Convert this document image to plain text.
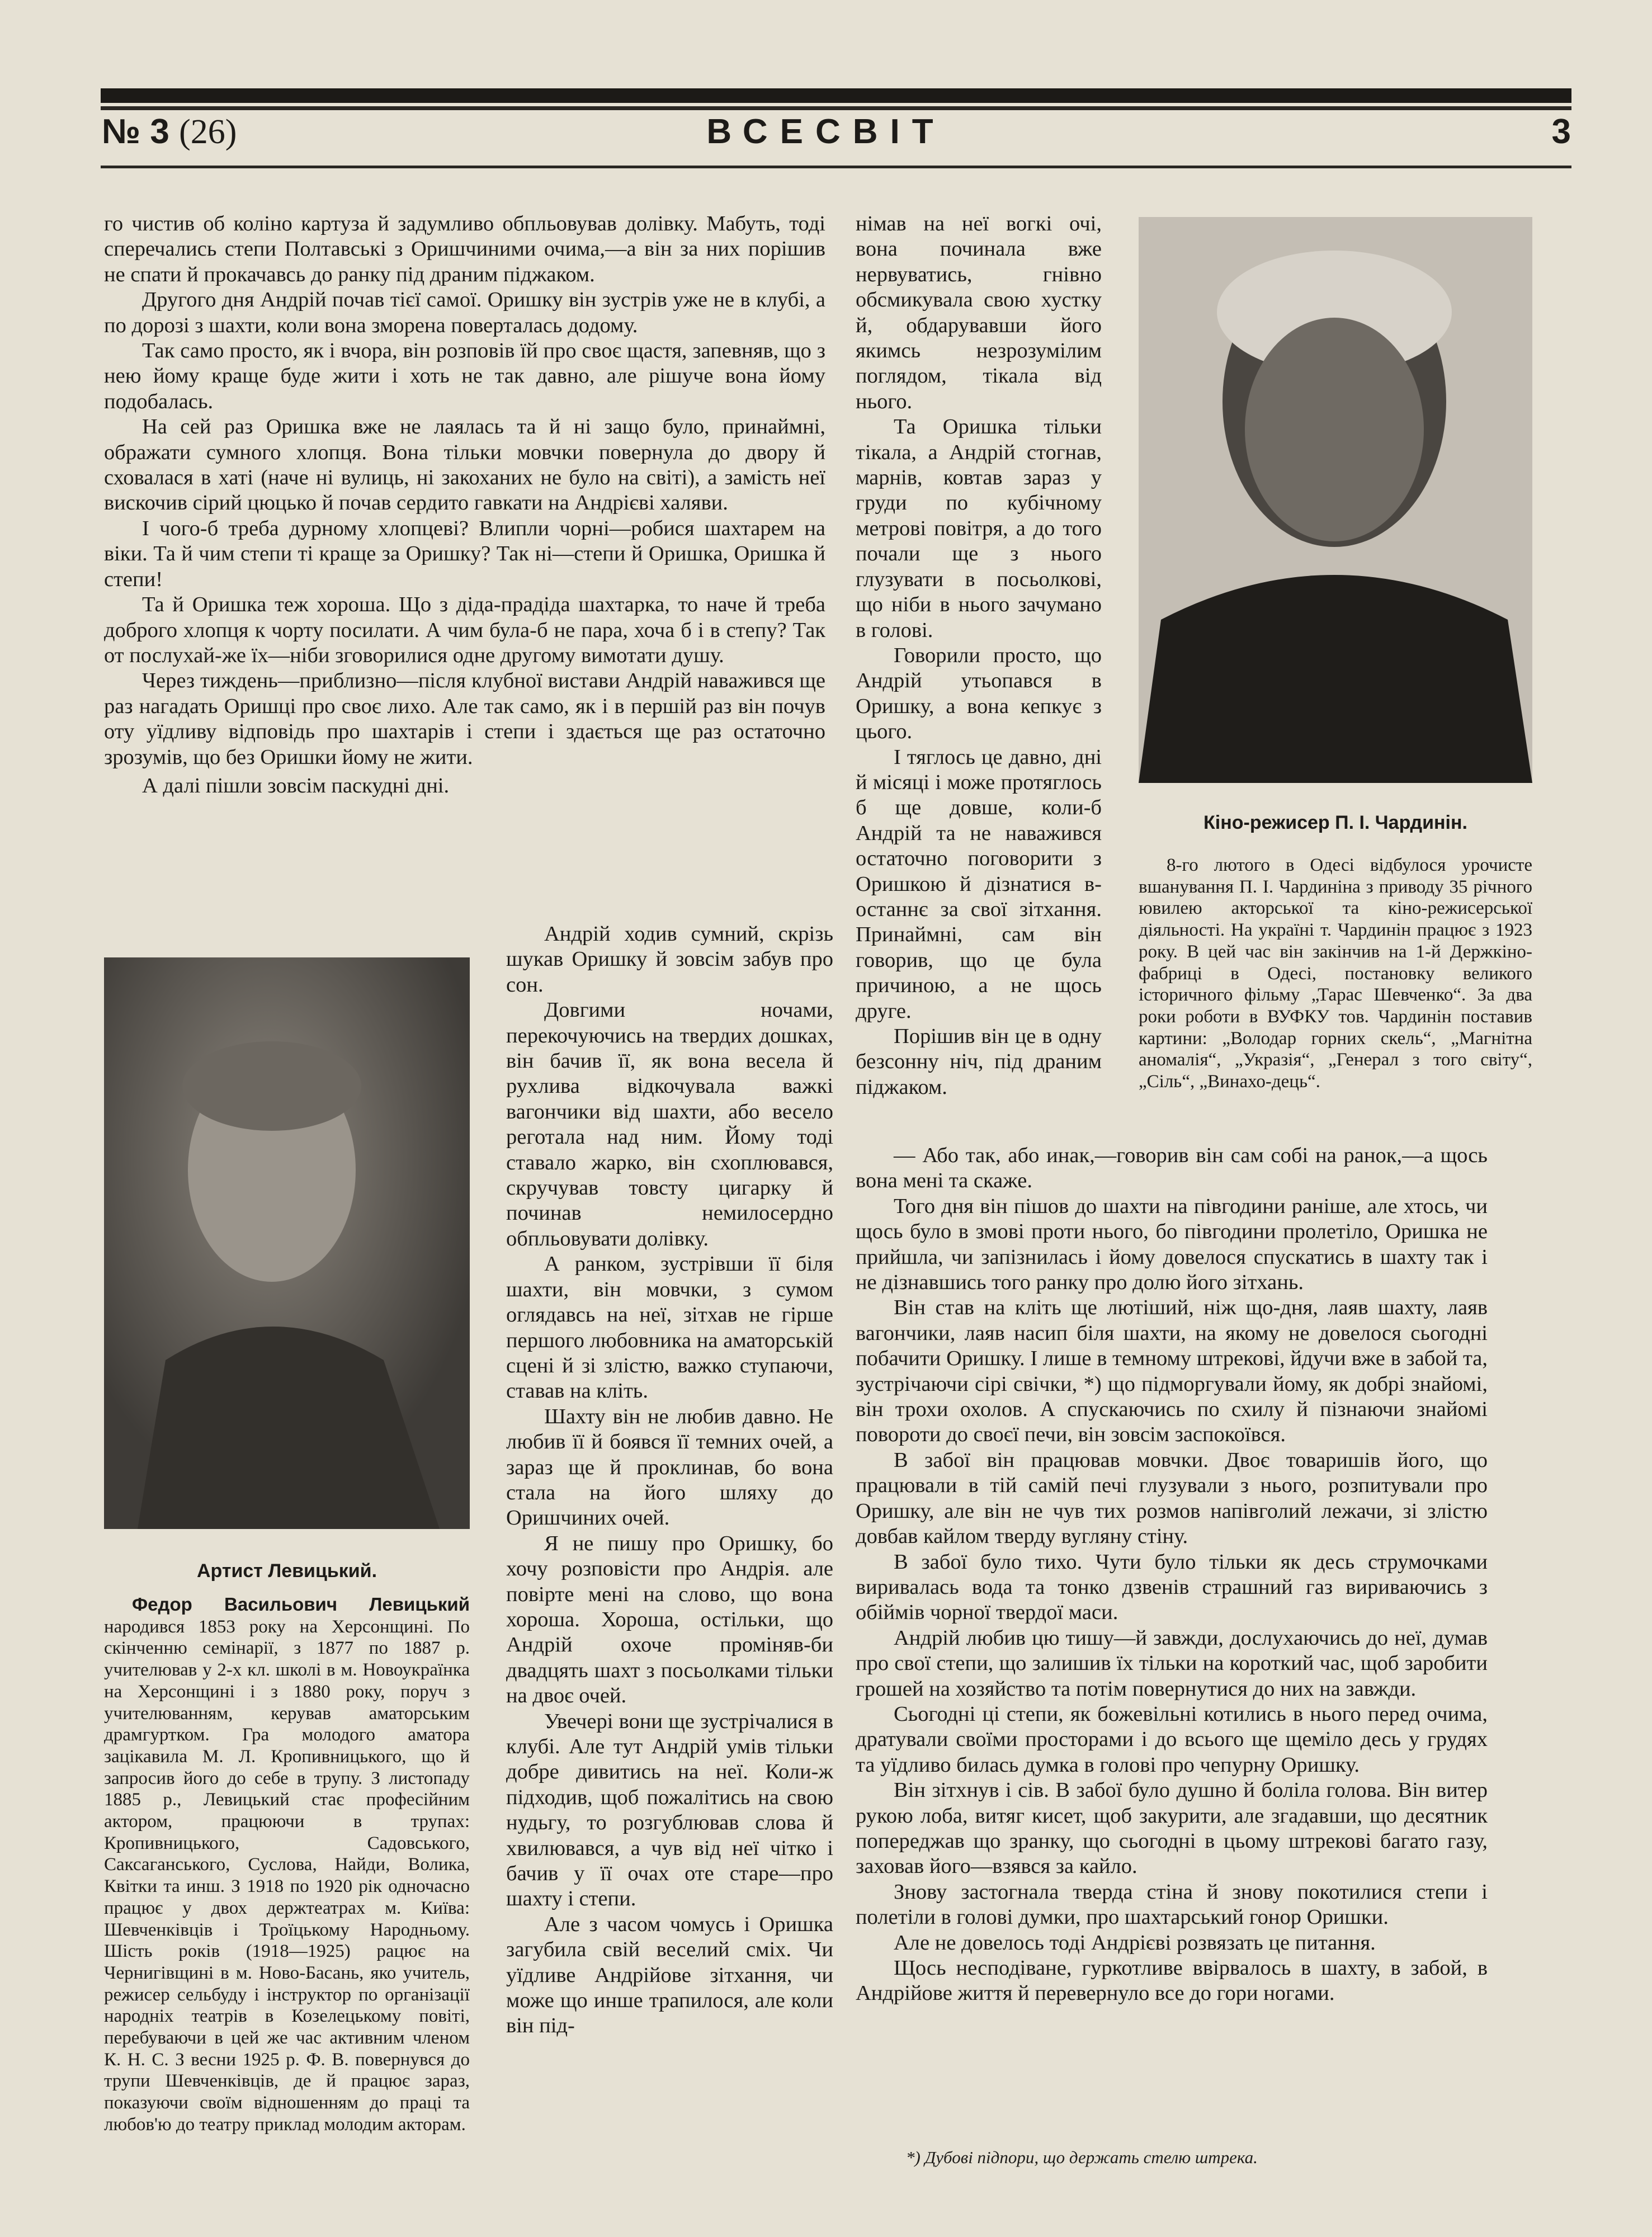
№ 3 (26)	ВСЕСВІТ	3

го чистив об коліно картуза й задумливо обпльовував долівку. Мабуть, тоді сперечались степи Полтавські з Оришчиними очима,—а він за них порішив не спати й прокачавсь до ранку під драним піджаком.

Другого дня Андрій почав тієї самої. Оришку він зустрів уже не в клубі, а по дорозі з шахти, коли вона зморена поверталась додому.

Так само просто, як і вчора, він розповів їй про своє щастя, запевняв, що з нею йому краще буде жити і хоть не так давно, але рішуче вона йому подобалась.

На сей раз Оришка вже не лаялась та й ні защо було, принаймні, ображати сумного хлопця. Вона тільки мовчки повернула до двору й сховалася в хаті (наче ні вулиць, ні закоханих не було на світі), а замість неї вискочив сірий цюцько й почав сердито гавкати на Андрієві халяви.

І чого-б треба дурному хлопцеві? Влипли чорні—робися шахтарем на віки. Та й чим степи ті краще за Оришку? Так ні—степи й Оришка, Оришка й степи!

Та й Оришка теж хороша. Що з діда-прадіда шахтарка, то наче й треба доброго хлопця к чорту посилати. А чим була-б не пара, хоча б і в степу? Так от послухай-же їх—ніби зговорилися одне другому вимотати душу.

Через тиждень—приблизно—після клубної вистави Андрій наважився ще раз нагадать Оришці про своє лихо. Але так само, як і в першій раз він почув оту уїдливу відповідь про шахтарів і степи і здається ще раз остаточно зрозумів, що без Оришки йому не жити.

А далі пішли зовсім паскудні дні.

Артист Левицький.

Федор Васильович Левицький народився 1853 року на Херсонщині. По скінченню семінарії, з 1877 по 1887 р. учителював у 2-х кл. школі в м. Новоукраїнка на Херсонщині і з 1880 року, поруч з учителюванням, керував аматорським драмгуртком. Гра молодого аматора зацікавила М. Л. Кропивницького, що й запросив його до себе в трупу. З листопаду 1885 р., Левицький стає професійним актором, працюючи в трупах: Кропивницького, Садовського, Саксаганського, Суслова, Найди, Волика, Квітки та инш. З 1918 по 1920 рік одночасно працює у двох держтеатрах м. Київа: Шевченківців і Троїцькому Народньому. Шість років (1918—1925) рацює на Чернигівщині в м. Ново-Басань, яко учитель, режисер сельбуду і інструктор по організації народніх театрів в Козелецькому повіті, перебуваючи в цей же час активним членом К. Н. С. З весни 1925 р. Ф. В. повернувся до трупи Шевченківців, де й працює зараз, показуючи своїм відношенням до праці та любов'ю до театру приклад молодим акторам.

Андрій ходив сумний, скрізь шукав Оришку й зовсім забув про сон.

Довгими ночами, перекочуючись на твердих дошках, він бачив її, як вона весела й рухлива відкочувала важкі вагончики від шахти, або весело реготала над ним. Йому тоді ставало жарко, він схоплювався, скручував товсту цигарку й починав немилосердно обпльовувати долівку.

А ранком, зустрівши її біля шахти, він мовчки, з сумом оглядавсь на неї, зітхав не гірше першого любовника на аматорській сцені й зі злістю, важко ступаючи, ставав на кліть.

Шахту він не любив давно. Не любив її й боявся її темних очей, а зараз ще й проклинав, бо вона стала на його шляху до Оришчиних очей.

Я не пишу про Оришку, бо хочу розповісти про Андрія. але повірте мені на слово, що вона хороша. Хороша, остільки, що Андрій охоче проміняв-би двадцять шахт з посьолками тільки на двоє очей.

Увечері вони ще зустрічалися в клубі. Але тут Андрій умів тільки добре дивитись на неї. Коли-ж підходив, щоб пожалітись на свою нудьгу, то розгублював слова й хвилювався, а чув від неї чітко і бачив у її очах оте старе—про шахту і степи.

Але з часом чомусь і Оришка загубила свій веселий сміх. Чи уїдливе Андрійове зітхання, чи може що инше трапилося, але коли він під-

німав на неї вогкі очі, вона починала вже нервуватись, гнівно обсмикувала свою хустку й, обдарувавши його якимсь незрозумілим поглядом, тікала від нього.

Та Оришка тільки тікала, а Андрій стогнав, марнів, ковтав зараз у груди по кубічному метрові повітря, а до того почали ще з нього глузувати в посьолкові, що ніби в нього зачумано в голові.

Говорили просто, що Андрій утьопався в Оришку, а вона кепкує з цього.

І тяглось це давно, дні й місяці і може протяглось б ще довше, коли-б Андрій та не наважився остаточно поговорити з Оришкою й дізнатися в-останнє за свої зітхання. Принаймні, сам він говорив, що це була причиною, а не щось друге.

Порішив він це в одну безсонну ніч, під драним піджаком.

Кіно-режисер П. І. Чардинін.

8-го лютого в Одесі відбулося урочисте вшанування П. І. Чардиніна з приводу 35 річного ювилею акторської та кіно-режисерської діяльності. На україні т. Чардинін працює з 1923 року. В цей час він закінчив на 1-й Держкіно-фабриці в Одесі, постановку великого історичного фільму „Тарас Шевченко“. За два роки роботи в ВУФКУ тов. Чардинін поставив картини: „Володар горних скель“, „Магнітна аномалія“, „Укразія“, „Генерал з того світу“, „Сіль“, „Винахо-дець“.

— Або так, або инак,—говорив він сам собі на ранок,—а щось вона мені та скаже.

Того дня він пішов до шахти на півгодини раніше, але хтось, чи щось було в змові проти нього, бо півгодини пролетіло, Оришка не прийшла, чи запізнилась і йому довелося спускатись в шахту так і не дізнавшись того ранку про долю його зітхань.

Він став на кліть ще лютіший, ніж що-дня, лаяв шахту, лаяв вагончики, лаяв насип біля шахти, на якому не довелося сьогодні побачити Оришку. І лише в темному штрекові, йдучи вже в забой та, зустрічаючи сірі свічки, *) що підморгували йому, як добрі знайомі, він трохи охолов. А спускаючись по схилу й пізнаючи знайомі повороти до своєї печи, він зовсім заспокоївся.

В забої він працював мовчки. Двоє товаришів його, що працювали в тій самій печі глузували з нього, розпитували про Оришку, але він не чув тих розмов напівголий лежачи, зі злістю довбав кайлом тверду вугляну стіну.

В забої було тихо. Чути було тільки як десь струмочками виривалась вода та тонко дзвенів страшний газ вириваючись з обіймів чорної твердої маси.

Андрій любив цю тишу—й завжди, дослухаючись до неї, думав про свої степи, що залишив їх тільки на короткий час, щоб заробити грошей на хозяйство та потім повернутися до них на завжди.

Сьогодні ці степи, як божевільні котились в нього перед очима, дратували своїми просторами і до всього ще щеміло десь у грудях та уїдливо билась думка в голові про чепурну Оришку.

Він зітхнув і сів. В забої було душно й боліла голова. Він витер рукою лоба, витяг кисет, щоб закурити, але згадавши, що десятник попереджав що зранку, що сьогодні в цьому штрекові багато газу, заховав його—взявся за кайло.

Знову застогнала тверда стіна й знову покотилися степи і полетіли в голові думки, про шахтарський гонор Оришки.

Але не довелось тоді Андрієві розвязать це питання.

Щось несподіване, гуркотливе ввірвалось в шахту, в забой, в Андрійове життя й перевернуло все до гори ногами.

*) Дубові підпори, що держать стелю штрека.
